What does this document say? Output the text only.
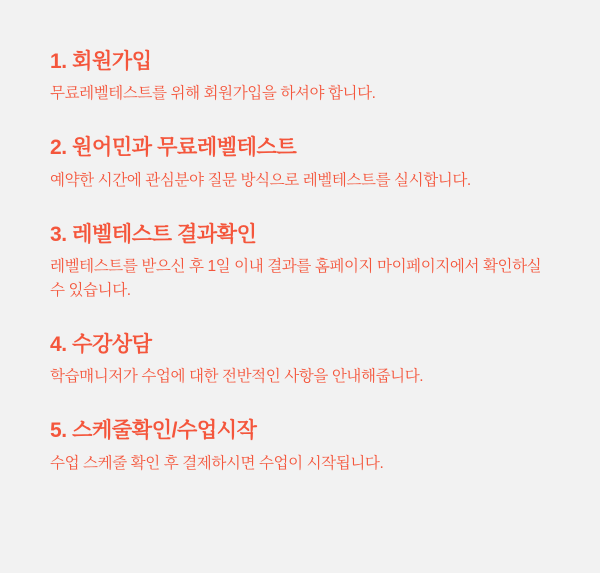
1. 회원가입

무료레벨테스트를 위해 회원가입을 하셔야 합니다.

2. 원어민과 무료레벨테스트

예약한 시간에 관심분야 질문 방식으로 레벨테스트를 실시합니다.

3. 레벨테스트 결과확인

레벨테스트를 받으신 후 1일 이내 결과를 홈페이지 마이페이지에서 확인하실수 있습니다.

4. 수강상담

학습매니저가 수업에 대한 전반적인 사항을 안내해줍니다.

5. 스케줄확인/수업시작

수업 스케줄 확인 후 결제하시면 수업이 시작됩니다.
